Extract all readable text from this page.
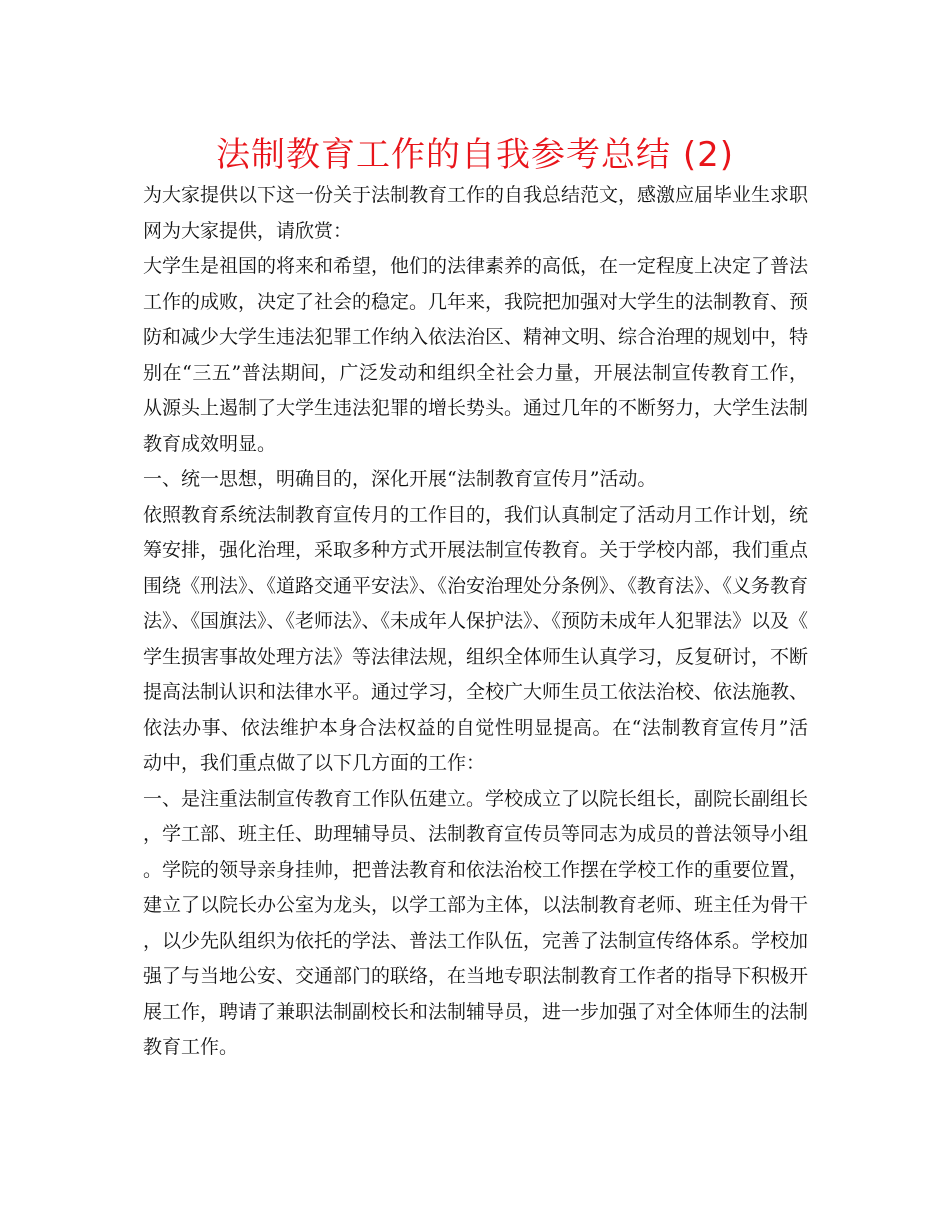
法制教育工作的自我参考总结 (2)

为大家提供以下这一份关于法制教育工作的自我总结范文，感激应届毕业生求职网为大家提供，请欣赏：

大学生是祖国的将来和希望，他们的法律素养的高低，在一定程度上决定了普法工作的成败，决定了社会的稳定。几年来，我院把加强对大学生的法制教育、预防和减少大学生违法犯罪工作纳入依法治区、精神文明、综合治理的规划中，特别在“三五”普法期间，广泛发动和组织全社会力量，开展法制宣传教育工作，从源头上遏制了大学生违法犯罪的增长势头。通过几年的不断努力，大学生法制教育成效明显。

一、统一思想，明确目的，深化开展“法制教育宣传月”活动。

依照教育系统法制教育宣传月的工作目的，我们认真制定了活动月工作计划，统筹安排，强化治理，采取多种方式开展法制宣传教育。关于学校内部，我们重点围绕《刑法》、《道路交通平安法》、《治安治理处分条例》、《教育法》、《义务教育法》、《国旗法》、《老师法》、《未成年人保护法》、《预防未成年人犯罪法》以及《学生损害事故处理方法》等法律法规，组织全体师生认真学习，反复研讨，不断提高法制认识和法律水平。通过学习，全校广大师生员工依法治校、依法施教、依法办事、依法维护本身合法权益的自觉性明显提高。在“法制教育宣传月”活动中，我们重点做了以下几方面的工作：

一、是注重法制宣传教育工作队伍建立。学校成立了以院长组长，副院长副组长，学工部、班主任、助理辅导员、法制教育宣传员等同志为成员的普法领导小组。学院的领导亲身挂帅，把普法教育和依法治校工作摆在学校工作的重要位置，建立了以院长办公室为龙头，以学工部为主体，以法制教育老师、班主任为骨干，以少先队组织为依托的学法、普法工作队伍，完善了法制宣传络体系。学校加强了与当地公安、交通部门的联络，在当地专职法制教育工作者的指导下积极开展工作，聘请了兼职法制副校长和法制辅导员，进一步加强了对全体师生的法制教育工作。
